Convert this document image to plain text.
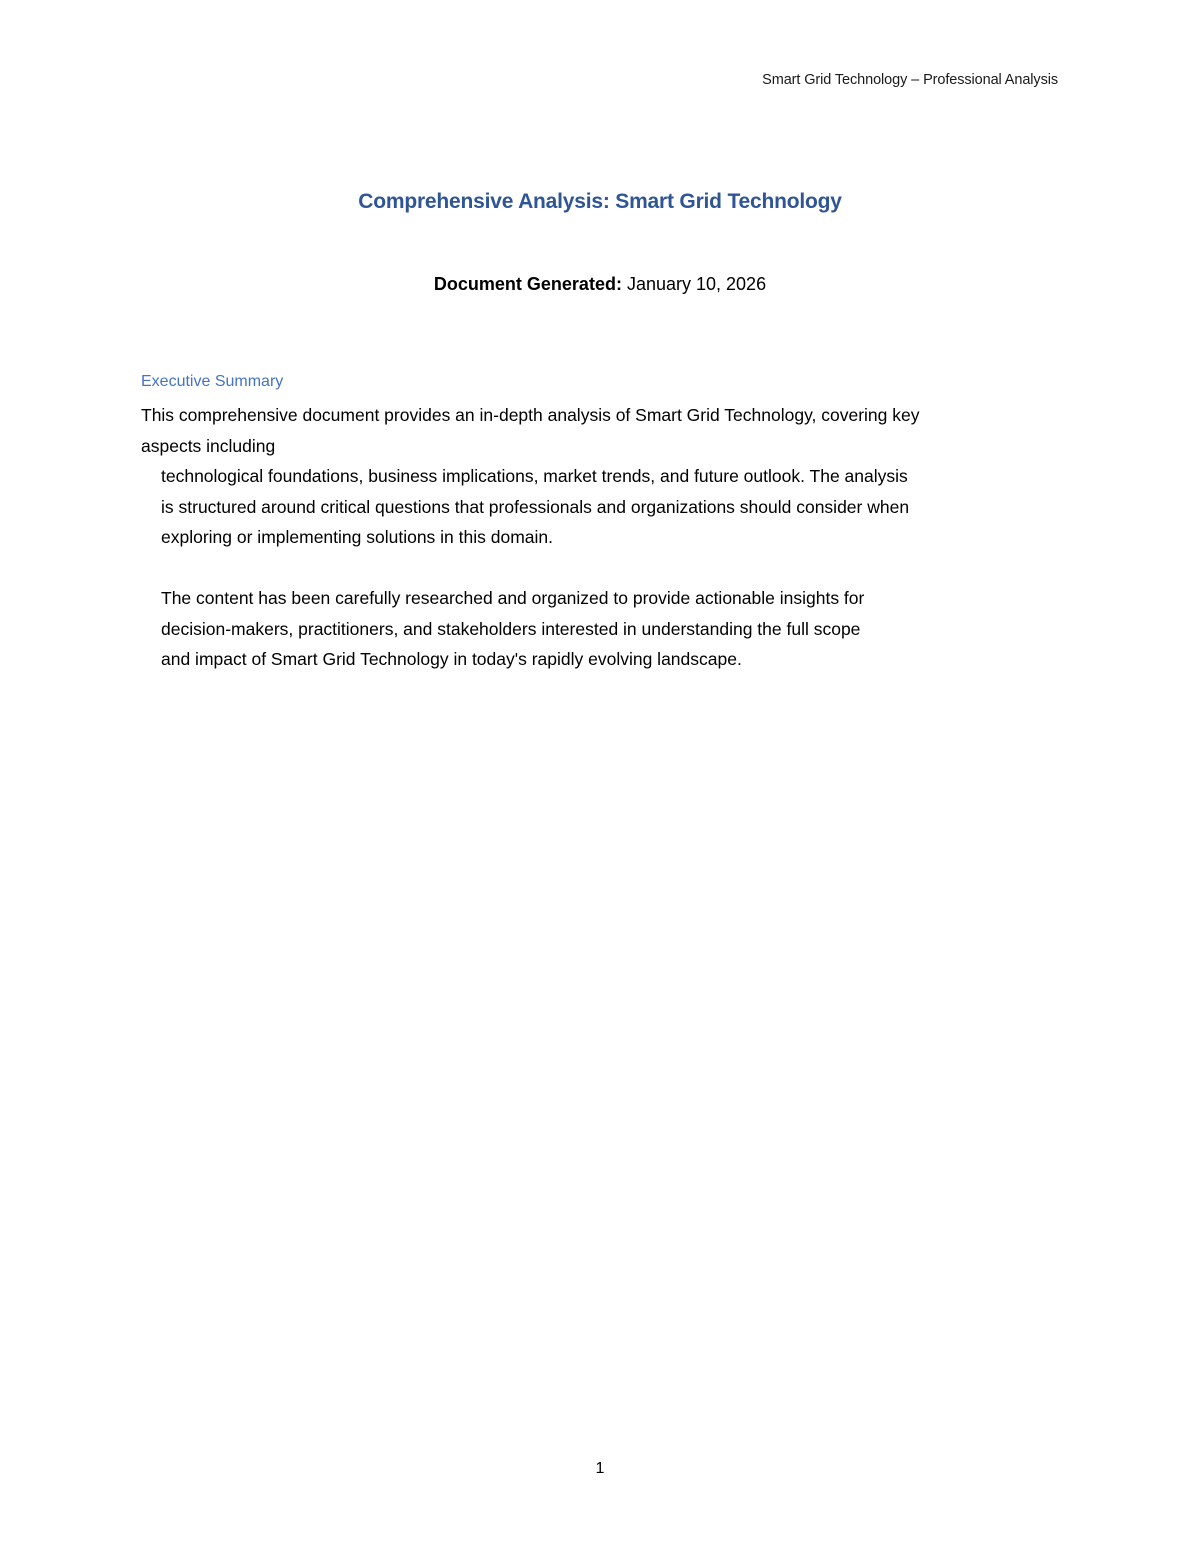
Smart Grid Technology – Professional Analysis
Comprehensive Analysis: Smart Grid Technology
Document Generated: January 10, 2026
Executive Summary
This comprehensive document provides an in-depth analysis of Smart Grid Technology, covering key
aspects including
technological foundations, business implications, market trends, and future outlook. The analysis
is structured around critical questions that professionals and organizations should consider when
exploring or implementing solutions in this domain.
The content has been carefully researched and organized to provide actionable insights for
decision-makers, practitioners, and stakeholders interested in understanding the full scope
and impact of Smart Grid Technology in today's rapidly evolving landscape.
1
